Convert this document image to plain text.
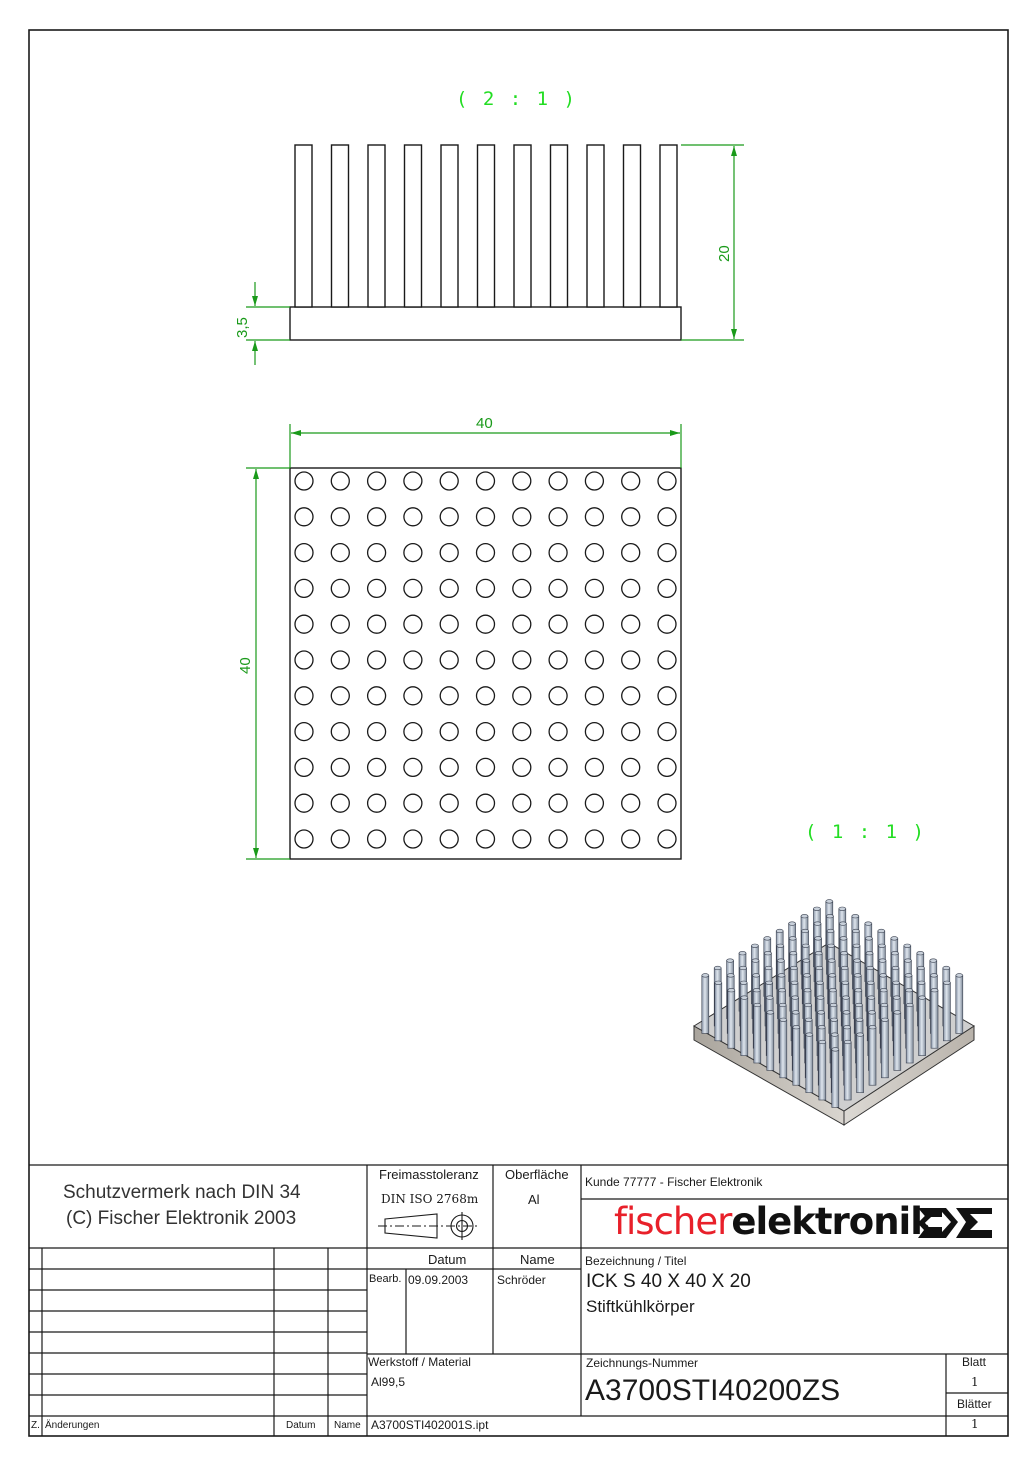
( 2 : 1 )
( 1 : 1 )
20
3,5
40
40
Schutzvermerk nach DIN 34
(C) Fischer Elektronik 2003
Freimasstoleranz
DIN ISO 2768m
Oberfläche
Al
Kunde 77777 - Fischer Elektronik
fischerelektronik
Datum	Name
Bearb. 09.09.2003 Schröder
Bezeichnung / Titel
ICK S 40 X 40 X 20
Stiftkühlkörper
Werkstoff / Material
Al99,5
Zeichnungs-Nummer
A3700STI40200ZS
Blatt
1
Blätter
1
Z. Änderungen	Datum Name A3700STI402001S.ipt
